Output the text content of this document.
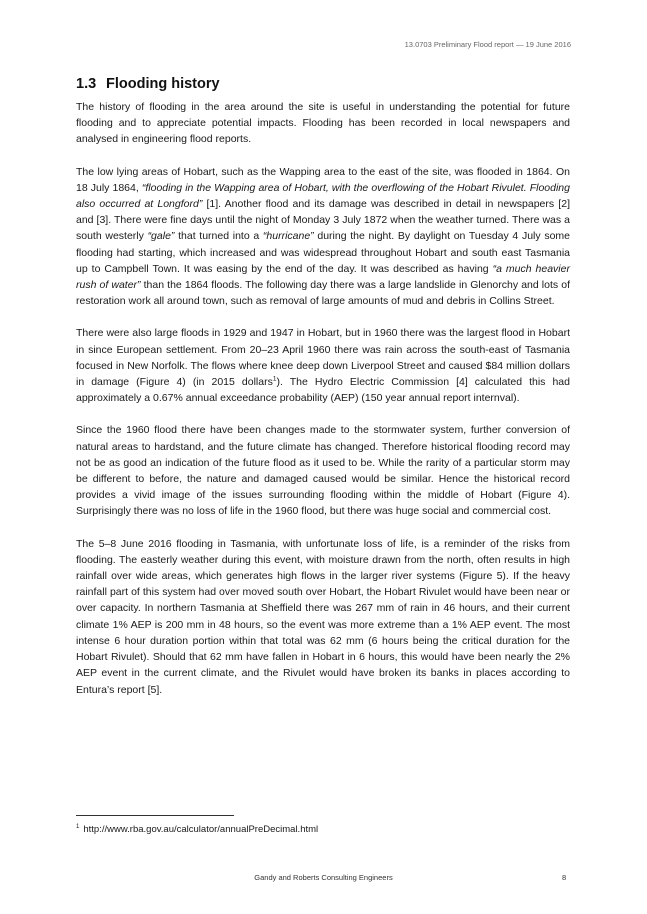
13.0703 Preliminary Flood report — 19 June 2016
1.3 Flooding history

The history of flooding in the area around the site is useful in understanding the potential for future flooding and to appreciate potential impacts. Flooding has been recorded in local newspapers and analysed in engineering flood reports.

The low lying areas of Hobart, such as the Wapping area to the east of the site, was flooded in 1864. On 18 July 1864, “flooding in the Wapping area of Hobart, with the overflowing of the Hobart Rivulet. Flooding also occurred at Longford” [1]. Another flood and its damage was described in detail in newspapers [2] and [3]. There were fine days until the night of Monday 3 July 1872 when the weather turned. There was a south westerly “gale” that turned into a “hurricane” during the night. By daylight on Tuesday 4 July some flooding had starting, which increased and was widespread throughout Hobart and south east Tasmania up to Campbell Town. It was easing by the end of the day. It was described as having “a much heavier rush of water” than the 1864 floods. The following day there was a large landslide in Glenorchy and lots of restoration work all around town, such as removal of large amounts of mud and debris in Collins Street.

There were also large floods in 1929 and 1947 in Hobart, but in 1960 there was the largest flood in Hobart in since European settlement. From 20–23 April 1960 there was rain across the south-east of Tasmania focused in New Norfolk. The flows where knee deep down Liverpool Street and caused $84 million dollars in damage (Figure 4) (in 2015 dollars$^1$). The Hydro Electric Commission [4] calculated this had approximately a 0.67% annual exceedance probability (AEP) (150 year annual report internval).

Since the 1960 flood there have been changes made to the stormwater system, further conversion of natural areas to hardstand, and the future climate has changed. Therefore historical flooding record may not be as good an indication of the future flood as it used to be. While the rarity of a particular storm may be different to before, the nature and damaged caused would be similar. Hence the historical record provides a vivid image of the issues surrounding flooding within the middle of Hobart (Figure 4). Surprisingly there was no loss of life in the 1960 flood, but there was huge social and commercial cost.

The 5–8 June 2016 flooding in Tasmania, with unfortunate loss of life, is a reminder of the risks from flooding. The easterly weather during this event, with moisture drawn from the north, often results in high rainfall over wide areas, which generates high flows in the larger river systems (Figure 5). If the heavy rainfall part of this system had over moved south over Hobart, the Hobart Rivulet would have been near or over capacity. In northern Tasmania at Sheffield there was 267 mm of rain in 46 hours, and their current climate 1% AEP is 200 mm in 48 hours, so the event was more extreme than a 1% AEP event. The most intense 6 hour duration portion within that total was 62 mm (6 hours being the critical duration for the Hobart Rivulet). Should that 62 mm have fallen in Hobart in 6 hours, this would have been nearly the 2% AEP event in the current climate, and the Rivulet would have broken its banks in places according to Entura’s report [5].

$^1$ http://www.rba.gov.au/calculator/annualPreDecimal.html
Gandy and Roberts Consulting Engineers	8
